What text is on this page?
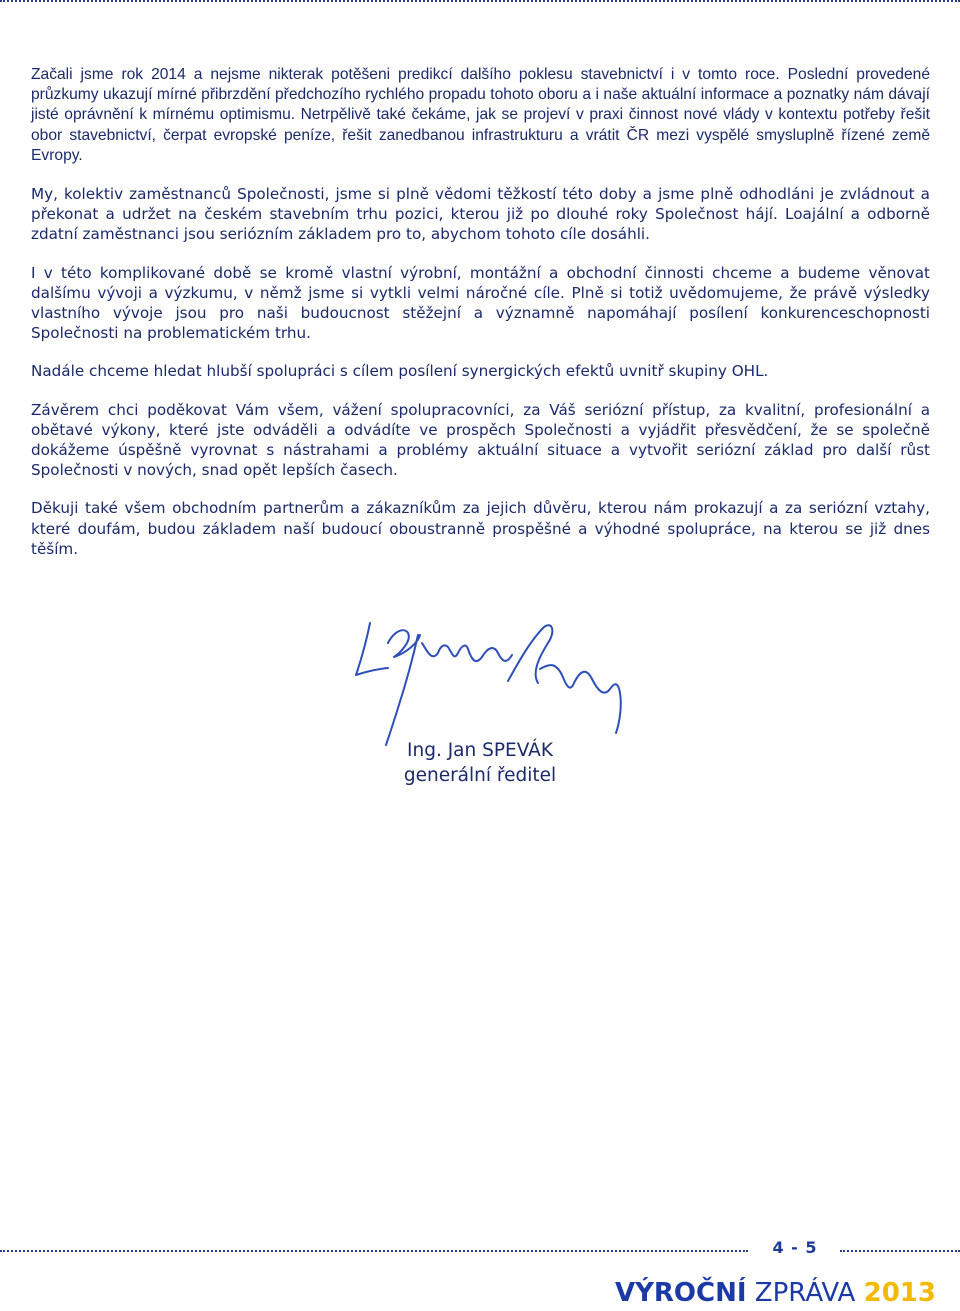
Začali jsme rok 2014 a nejsme nikterak potěšeni predikcí dalšího poklesu stavebnictví i v tomto roce. Poslední provedené průzkumy ukazují mírné přibrzdění předchozího rychlého propadu tohoto oboru a i naše aktuální informace a poznatky nám dávají jisté oprávnění k mírnému optimismu. Netrpělivě také čekáme, jak se projeví v praxi činnost nové vlády v kontextu potřeby řešit obor stavebnictví, čerpat evropské peníze, řešit zanedbanou infrastrukturu a vrátit ČR mezi vyspělé smysluplně řízené země Evropy.

My, kolektiv zaměstnanců Společnosti, jsme si plně vědomi těžkostí této doby a jsme plně odhodláni je zvládnout a překonat a udržet na českém stavebním trhu pozici, kterou již po dlouhé roky Společnost hájí. Loajální a odborně zdatní zaměstnanci jsou seriózním základem pro to, abychom tohoto cíle dosáhli.

I v této komplikované době se kromě vlastní výrobní, montážní a obchodní činnosti chceme a budeme věnovat dalšímu vývoji a výzkumu, v němž jsme si vytkli velmi náročné cíle. Plně si totiž uvědomujeme, že právě výsledky vlastního vývoje jsou pro naši budoucnost stěžejní a významně napomáhají posílení konkurenceschopnosti Společnosti na problematickém trhu.

Nadále chceme hledat hlubší spolupráci s cílem posílení synergických efektů uvnitř skupiny OHL.

Závěrem chci poděkovat Vám všem, vážení spolupracovníci, za Váš seriózní přístup, za kvalitní, profesionální a obětavé výkony, které jste odváděli a odvádíte ve prospěch Společnosti a vyjádřit přesvědčení, že se společně dokážeme úspěšně vyrovnat s nástrahami a problémy aktuální situace a vytvořit seriózní základ pro další růst Společnosti v nových, snad opět lepších časech.

Děkuji také všem obchodním partnerům a zákazníkům za jejich důvěru, kterou nám prokazují a za seriózní vztahy, které doufám, budou základem naší budoucí oboustranně prospěšné a výhodné spolupráce, na kterou se již dnes těším.

Ing. Jan SPEVÁK
generální ředitel
4 - 5
VÝROČNÍ ZPRÁVA 2013
